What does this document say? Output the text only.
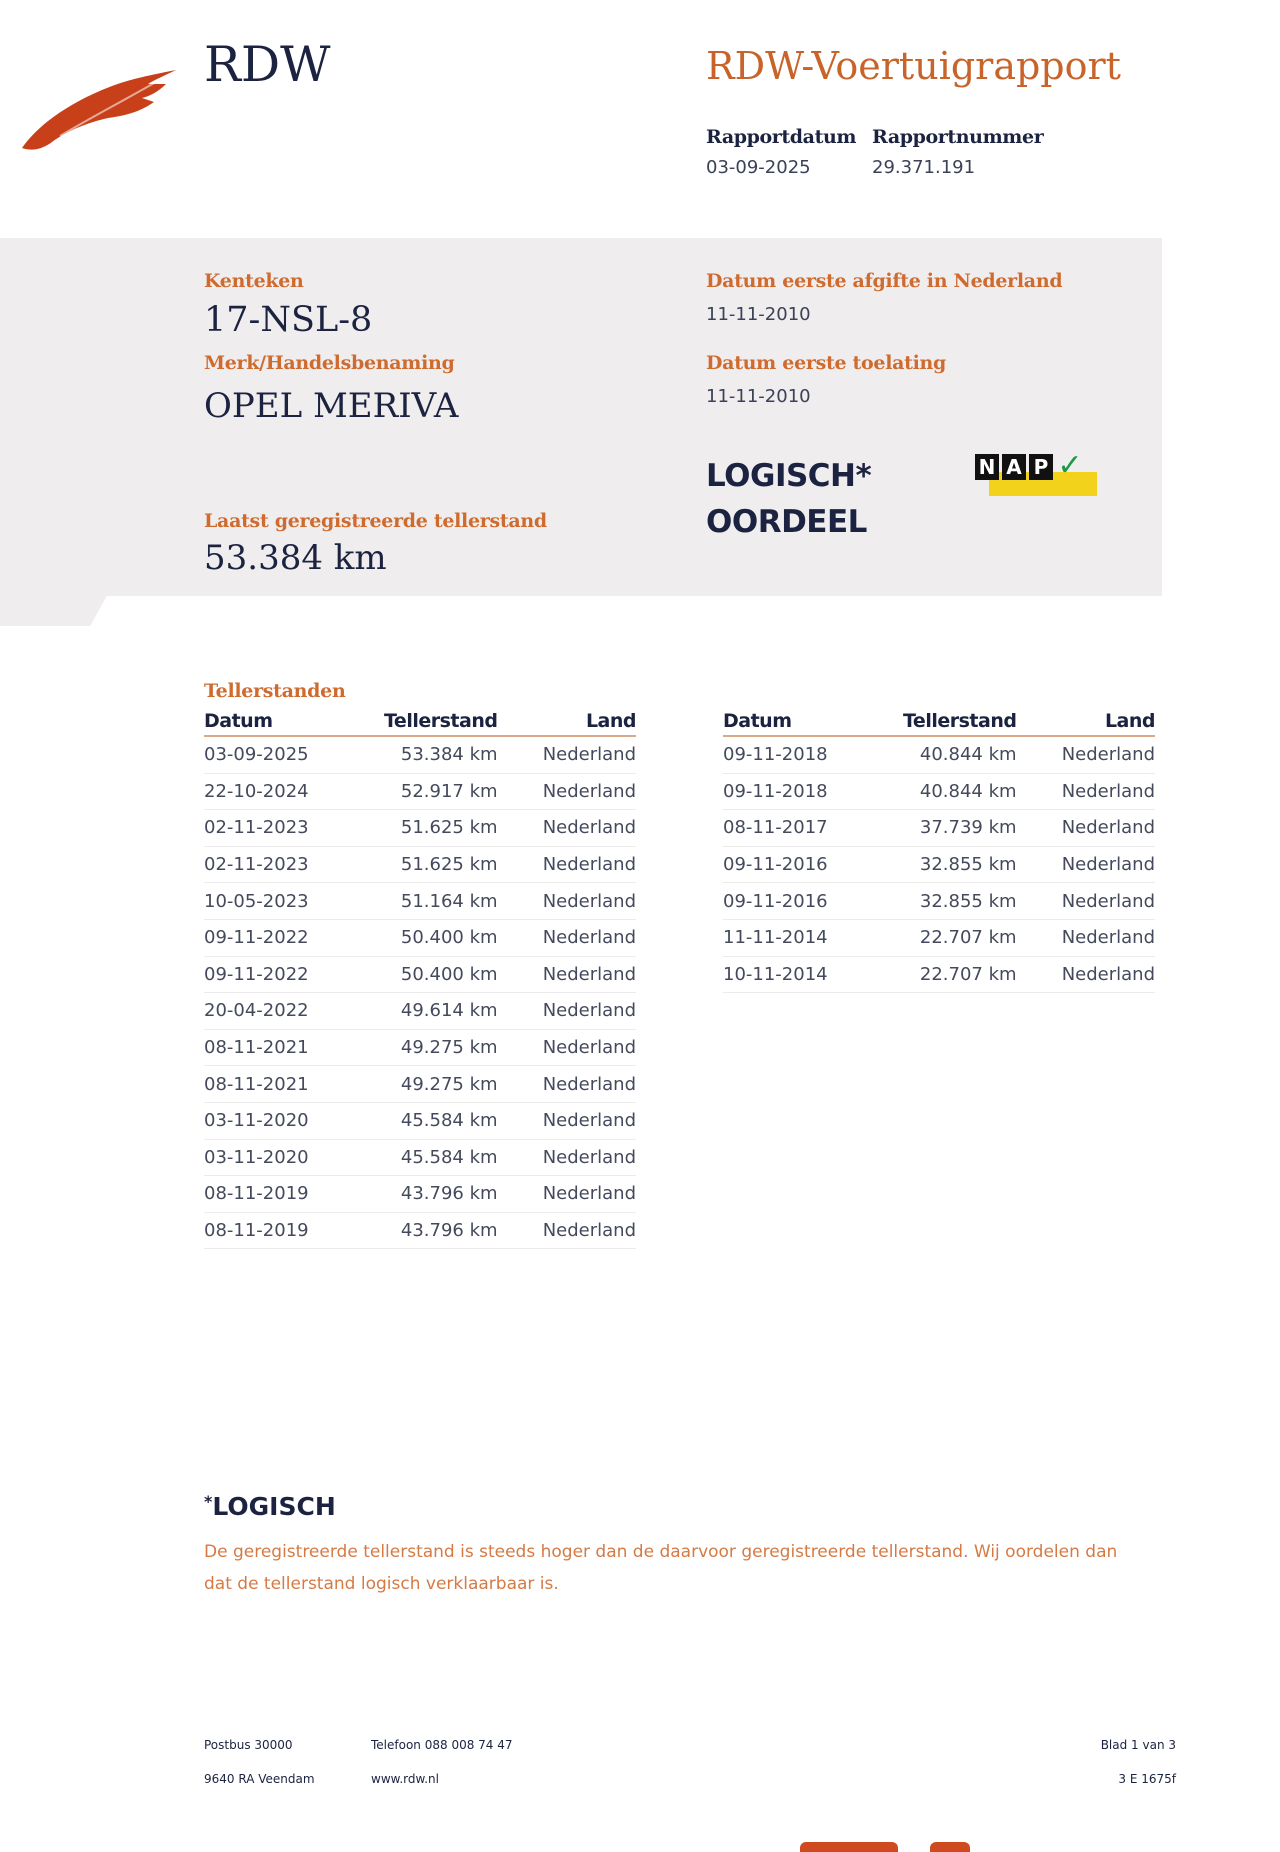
RDW	RDW-Voertuigrapport
Rapportdatum
03-09-2025
Rapportnummer
29.371.191
Kenteken
17-NSL-8
Merk/Handelsbenaming
OPEL MERIVA
Laatst geregistreerde tellerstand
53.384 km
Datum eerste afgifte in Nederland
11-11-2010
Datum eerste toelating
11-11-2010
LOGISCH*
OORDEEL
N A P ✓
Tellerstanden
Datum	Tellerstand	Land
03-09-2025	53.384 km	Nederland
22-10-2024	52.917 km	Nederland
02-11-2023	51.625 km	Nederland
02-11-2023	51.625 km	Nederland
10-05-2023	51.164 km	Nederland
09-11-2022	50.400 km	Nederland
09-11-2022	50.400 km	Nederland
20-04-2022	49.614 km	Nederland
08-11-2021	49.275 km	Nederland
08-11-2021	49.275 km	Nederland
03-11-2020	45.584 km	Nederland
03-11-2020	45.584 km	Nederland
08-11-2019	43.796 km	Nederland
08-11-2019	43.796 km	Nederland
Datum	Tellerstand	Land
09-11-2018	40.844 km	Nederland
09-11-2018	40.844 km	Nederland
08-11-2017	37.739 km	Nederland
09-11-2016	32.855 km	Nederland
09-11-2016	32.855 km	Nederland
11-11-2014	22.707 km	Nederland
10-11-2014	22.707 km	Nederland
*LOGISCH
De geregistreerde tellerstand is steeds hoger dan de daarvoor geregistreerde tellerstand. Wij oordelen dan
dat de tellerstand logisch verklaarbaar is.
Postbus 30000
9640 RA Veendam
Telefoon 088 008 74 47
www.rdw.nl
Blad 1 van 3
3 E 1675f
